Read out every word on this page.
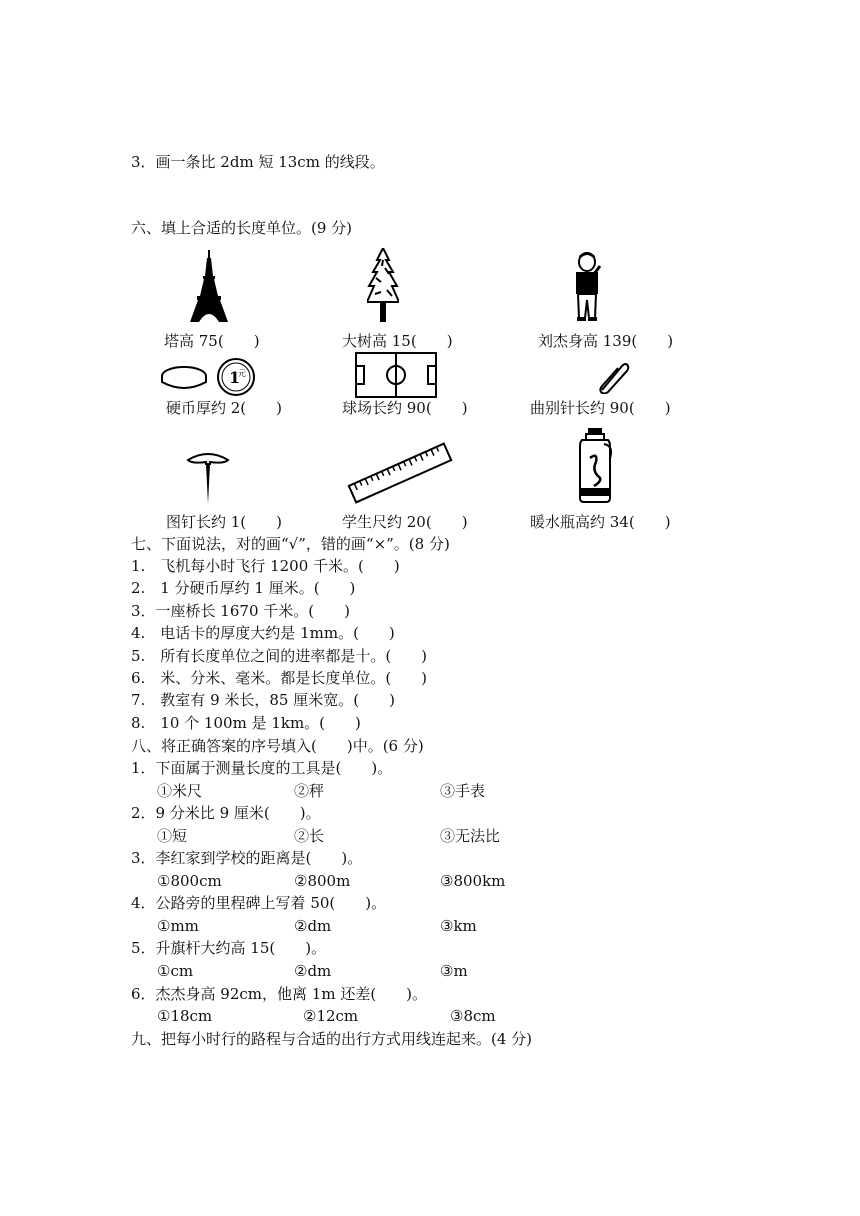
3．画一条比 2dm 短 13cm 的线段。
六、填上合适的长度单位。(9 分)
塔高 75(　　)	大树高 15(　　)	刘杰身高 139(　　)
1
元
硬币厚约 2(　　)	球场长约 90(　　)	曲别针长约 90(　　)
图钉长约 1(　　)	学生尺约 20(　　)	暖水瓶高约 34(　　)
七、下面说法，对的画“√”，错的画“×”。(8 分)
1.　飞机每小时飞行 1200 千米。(　　)
2.　1 分硬币厚约 1 厘米。(　　)
3．一座桥长 1670 千米。(　　)
4.　电话卡的厚度大约是 1mm。(　　)
5.　所有长度单位之间的进率都是十。(　　)
6.　米、分米、毫米。都是长度单位。(　　)
7.　教室有 9 米长，85 厘米宽。(　　)
8.　10 个 100m 是 1km。(　　)
八、将正确答案的序号填入(　　)中。(6 分)
1．下面属于测量长度的工具是(　　)。
①米尺	②秤	③手表
2．9 分米比 9 厘米(　　)。
①短	②长	③无法比
3．李红家到学校的距离是(　　)。
①800cm	②800m	③800km
4．公路旁的里程碑上写着 50(　　)。
①mm	②dm	③km
5．升旗杆大约高 15(　　)。
①cm	②dm	③m
6．杰杰身高 92cm，他离 1m 还差(　　)。
①18cm	②12cm	③8cm
九、把每小时行的路程与合适的出行方式用线连起来。(4 分)
